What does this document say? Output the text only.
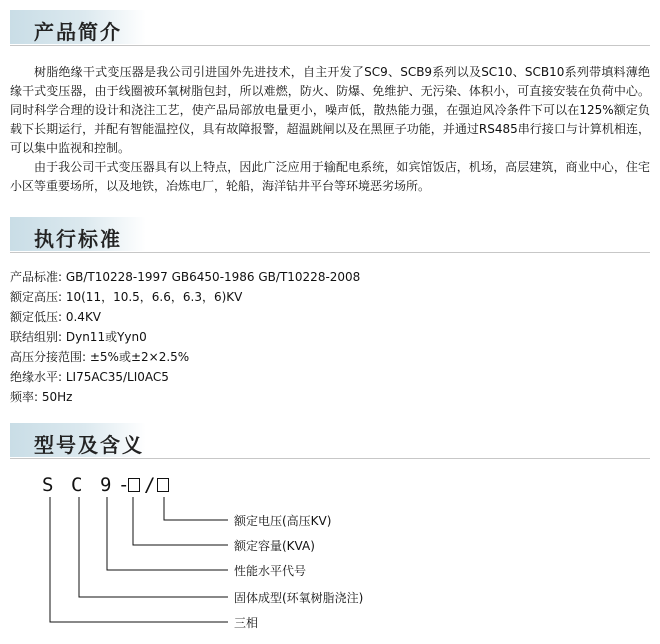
产品简介

树脂绝缘干式变压器是我公司引进国外先进技术，自主开发了SC9、SCB9系列以及SC10、SCB10系列带填料薄绝缘干式变压器，由于线圈被环氧树脂包封，所以难燃，防火、防爆、免维护、无污染、体积小，可直接安装在负荷中心。同时科学合理的设计和浇注工艺，使产品局部放电量更小，噪声低，散热能力强，在强迫风冷条件下可以在125%额定负载下长期运行，并配有智能温控仪，具有故障报警，超温跳闸以及在黑匣子功能，并通过RS485串行接口与计算机相连，可以集中监视和控制。

由于我公司干式变压器具有以上特点，因此广泛应用于输配电系统，如宾馆饭店，机场，高层建筑，商业中心，住宅小区等重要场所，以及地铁，冶炼电厂，轮船，海洋钻井平台等环境恶劣场所。

执行标准
产品标准: GB/T10228-1997 GB6450-1986 GB/T10228-2008
额定高压: 10(11，10.5，6.6，6.3，6)KV
额定低压: 0.4KV
联结组别: Dyn11或Yyn0
高压分接范围: ±5%或±2×2.5%
绝缘水平: LI75AC35/LI0AC5
频率: 50Hz
型号及含义
S C 9 - /
额定电压(高压KV)
额定容量(KVA)
性能水平代号
固体成型(环氧树脂浇注)
三相
